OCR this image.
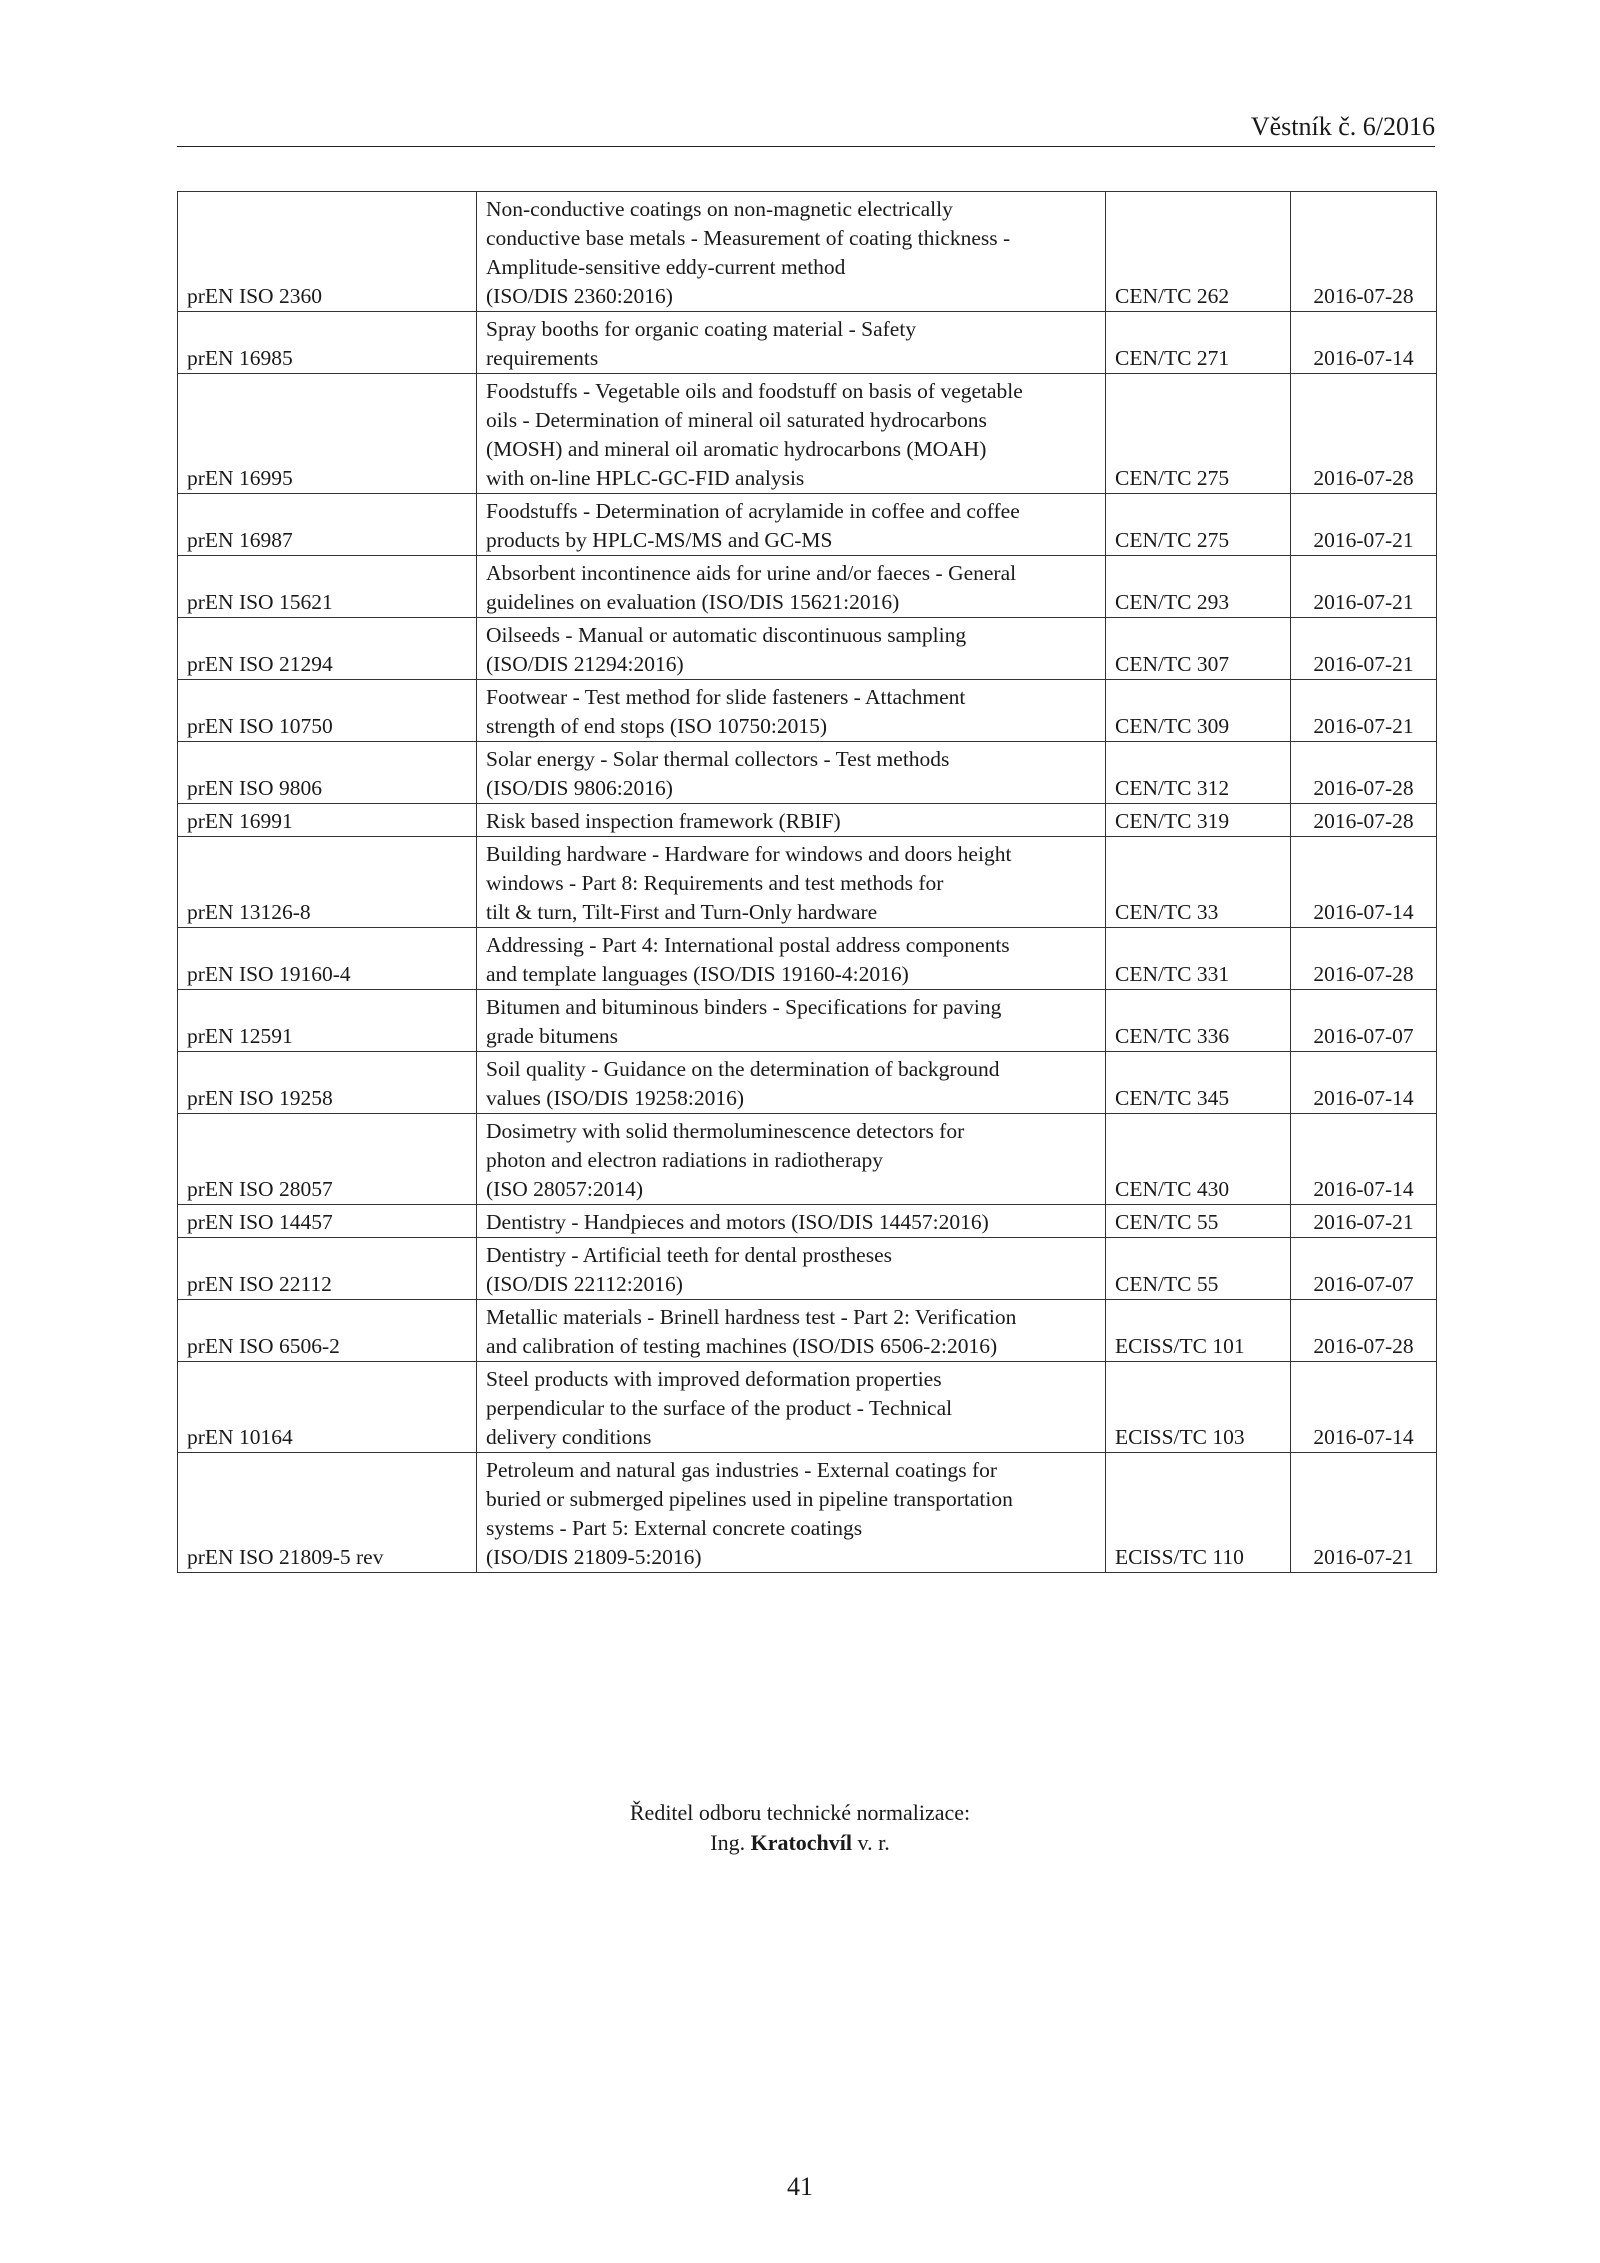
Věstník č. 6/2016
prEN ISO 2360	Non-conductive coatings on non-magnetic electrically
conductive base metals - Measurement of coating thickness -
Amplitude-sensitive eddy-current method
(ISO/DIS 2360:2016)	CEN/TC 262	2016-07-28
prEN 16985	Spray booths for organic coating material - Safety
requirements	CEN/TC 271	2016-07-14
prEN 16995	Foodstuffs - Vegetable oils and foodstuff on basis of vegetable
oils - Determination of mineral oil saturated hydrocarbons
(MOSH) and mineral oil aromatic hydrocarbons (MOAH)
with on-line HPLC-GC-FID analysis	CEN/TC 275	2016-07-28
prEN 16987	Foodstuffs - Determination of acrylamide in coffee and coffee
products by HPLC-MS/MS and GC-MS	CEN/TC 275	2016-07-21
prEN ISO 15621	Absorbent incontinence aids for urine and/or faeces - General
guidelines on evaluation (ISO/DIS 15621:2016)	CEN/TC 293	2016-07-21
prEN ISO 21294	Oilseeds - Manual or automatic discontinuous sampling
(ISO/DIS 21294:2016)	CEN/TC 307	2016-07-21
prEN ISO 10750	Footwear - Test method for slide fasteners - Attachment
strength of end stops (ISO 10750:2015)	CEN/TC 309	2016-07-21
prEN ISO 9806	Solar energy - Solar thermal collectors - Test methods
(ISO/DIS 9806:2016)	CEN/TC 312	2016-07-28
prEN 16991	Risk based inspection framework (RBIF)	CEN/TC 319	2016-07-28
prEN 13126-8	Building hardware - Hardware for windows and doors height
windows - Part 8: Requirements and test methods for
tilt & turn, Tilt-First and Turn-Only hardware	CEN/TC 33	2016-07-14
prEN ISO 19160-4	Addressing - Part 4: International postal address components
and template languages (ISO/DIS 19160-4:2016)	CEN/TC 331	2016-07-28
prEN 12591	Bitumen and bituminous binders - Specifications for paving
grade bitumens	CEN/TC 336	2016-07-07
prEN ISO 19258	Soil quality - Guidance on the determination of background
values (ISO/DIS 19258:2016)	CEN/TC 345	2016-07-14
prEN ISO 28057	Dosimetry with solid thermoluminescence detectors for
photon and electron radiations in radiotherapy
(ISO 28057:2014)	CEN/TC 430	2016-07-14
prEN ISO 14457	Dentistry - Handpieces and motors (ISO/DIS 14457:2016)	CEN/TC 55	2016-07-21
prEN ISO 22112	Dentistry - Artificial teeth for dental prostheses
(ISO/DIS 22112:2016)	CEN/TC 55	2016-07-07
prEN ISO 6506-2	Metallic materials - Brinell hardness test - Part 2: Verification
and calibration of testing machines (ISO/DIS 6506-2:2016)	ECISS/TC 101	2016-07-28
prEN 10164	Steel products with improved deformation properties
perpendicular to the surface of the product - Technical
delivery conditions	ECISS/TC 103	2016-07-14
prEN ISO 21809-5 rev	Petroleum and natural gas industries - External coatings for
buried or submerged pipelines used in pipeline transportation
systems - Part 5: External concrete coatings
(ISO/DIS 21809-5:2016)	ECISS/TC 110	2016-07-21
Ředitel odboru technické normalizace:
Ing. Kratochvíl v. r.
41
